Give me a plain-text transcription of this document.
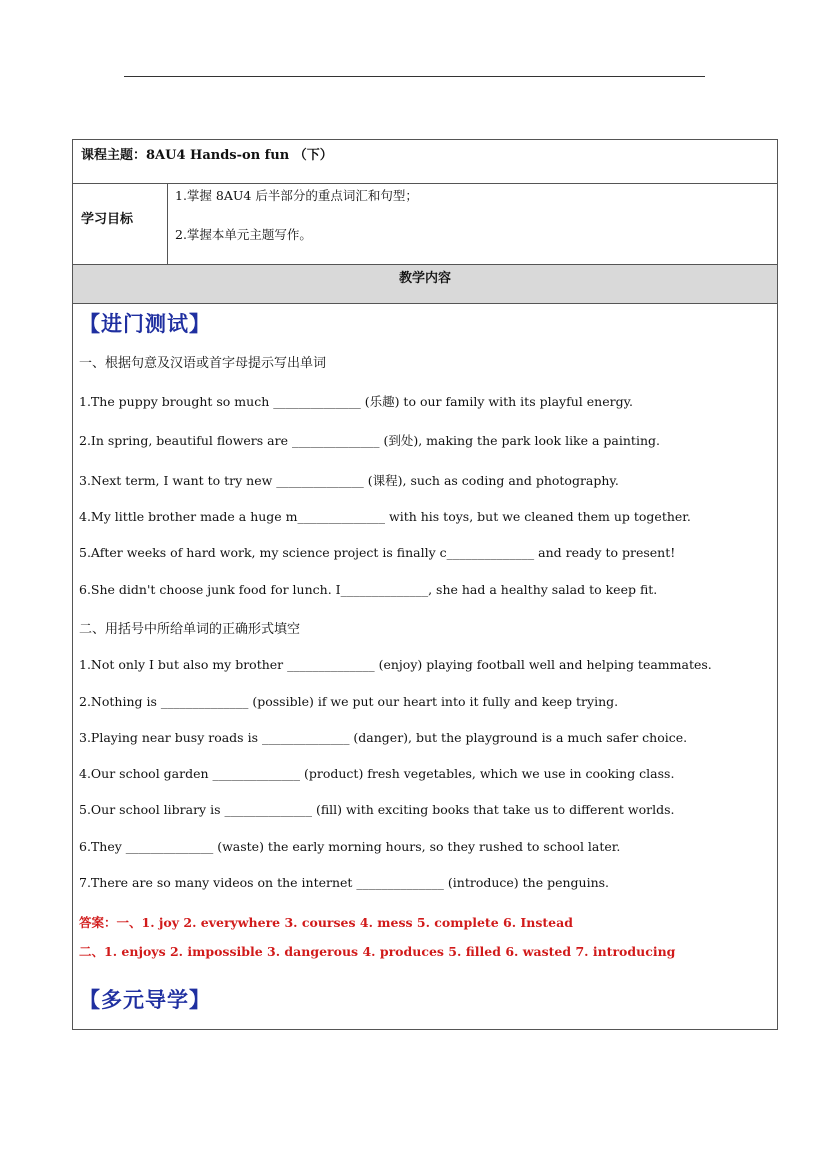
课程主题：8AU4 Hands-on fun （下）
学习目标
1.掌握 8AU4 后半部分的重点词汇和句型；
2.掌握本单元主题写作。
教学内容
【进门测试】
一、根据句意及汉语或首字母提示写出单词
1.The puppy brought so much ______________ (乐趣) to our family with its playful energy.
2.In spring, beautiful flowers are ______________ (到处), making the park look like a painting.
3.Next term, I want to try new ______________ (课程), such as coding and photography.
4.My little brother made a huge m______________ with his toys, but we cleaned them up together.
5.After weeks of hard work, my science project is finally c______________ and ready to present!
6.She didn't choose junk food for lunch. I______________, she had a healthy salad to keep fit.
二、用括号中所给单词的正确形式填空
1.Not only I but also my brother ______________ (enjoy) playing football well and helping teammates.
2.Nothing is ______________ (possible) if we put our heart into it fully and keep trying.
3.Playing near busy roads is ______________ (danger), but the playground is a much safer choice.
4.Our school garden ______________ (product) fresh vegetables, which we use in cooking class.
5.Our school library is ______________ (fill) with exciting books that take us to different worlds.
6.They ______________ (waste) the early morning hours, so they rushed to school later.
7.There are so many videos on the internet ______________ (introduce) the penguins.
答案：一、1. joy 2. everywhere 3. courses 4. mess 5. complete 6. Instead
二、1. enjoys 2. impossible 3. dangerous 4. produces 5. filled 6. wasted 7. introducing
【多元导学】
